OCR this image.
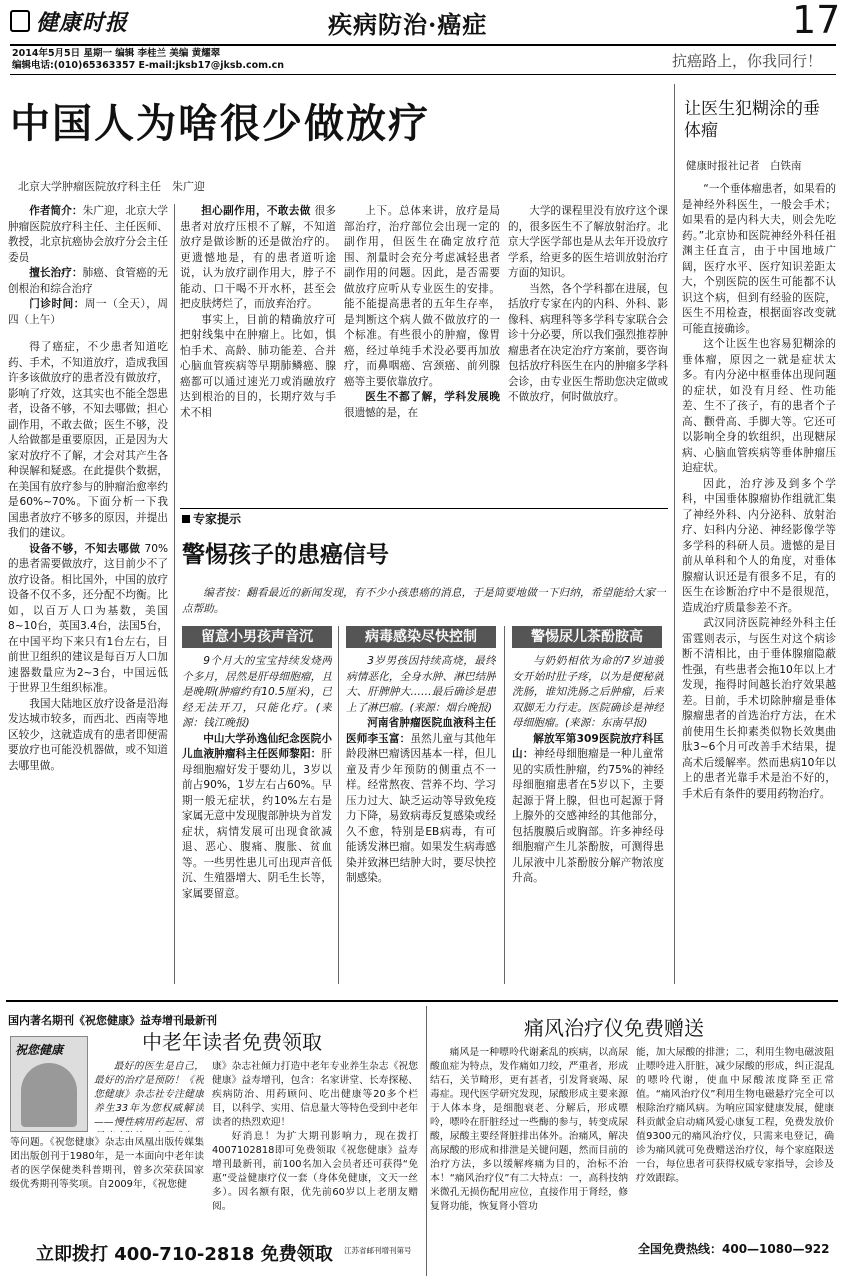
健康时报	疾病防治·癌症	17
2014年5月5日 星期一 编辑 李桂兰 美编 黄耀翠
编辑电话:(010)65363357 E-mail:jksb17@jksb.com.cn	抗癌路上，你我同行！
中国人为啥很少做放疗
北京大学肿瘤医院放疗科主任　朱广迎

作者简介：朱广迎，北京大学肿瘤医院放疗科主任、主任医师、教授，北京抗癌协会放疗分会主任委员

擅长治疗：肺癌、食管癌的无创根治和综合治疗

门诊时间：周一（全天），周四（上午）

得了癌症，不少患者知道吃药、手术，不知道放疗，造成我国许多该做放疗的患者没有做放疗，影响了疗效，这其实也不能全怨患者，设备不够，不知去哪做；担心副作用，不敢去做；医生不够，没人给做都是重要原因，正是因为大家对放疗不了解，才会对其产生各种误解和疑惑。在此提供个数据，在美国有放疗参与的肿瘤治愈率约是60%~70%。下面分析一下我国患者放疗不够多的原因，并提出我们的建议。

设备不够，不知去哪做 70%的患者需要做放疗，这目前少不了放疗设备。相比国外，中国的放疗设备不仅不多，还分配不均衡。比如，以百万人口为基数，美国8~10台，英国3.4台，法国5台，在中国平均下来只有1台左右，目前世卫组织的建议是每百万人口加速器数量应为2~3台，中国远低于世界卫生组织标准。

我国大陆地区放疗设备是沿海发达城市较多，而西北、西南等地区较少，这就造成有的患者即便需要放疗也可能没机器做，或不知道去哪里做。

担心副作用，不敢去做 很多患者对放疗压根不了解，不知道放疗是做诊断的还是做治疗的。更遗憾地是，有的患者道听途说，认为放疗副作用大，脖子不能动、口干喝不开水杯，甚至会把皮肤烤烂了，而放弃治疗。

事实上，目前的精确放疗可把射线集中在肿瘤上。比如，惧怕手术、高龄、肺功能差、合并心脑血管疾病等早期肺鳞癌、腺癌都可以通过速光刀或消融放疗达到根治的目的，长期疗效与手术不相

上下。总体来讲，放疗是局部治疗，治疗部位会出现一定的副作用，但医生在确定放疗范围、剂量时会充分考虑减轻患者副作用的问题。因此，是否需要做放疗应听从专业医生的安排。能不能提高患者的五年生存率，是判断这个病人做不做放疗的一个标准。有些很小的肿瘤，像胃癌，经过单纯手术没必要再加放疗，而鼻咽癌、宫颈癌、前列腺癌等主要依靠放疗。

医生不都了解，学科发展晚 很遗憾的是，在

大学的课程里没有放疗这个课的，很多医生不了解放射治疗。北京大学医学部也是从去年开设放疗学系，给更多的医生培训放射治疗方面的知识。

当然，各个学科都在进展，包括放疗专家在内的内科、外科、影像科、病理科等多学科专家联合会诊十分必要，所以我们强烈推荐肿瘤患者在决定治疗方案前，要咨询包括放疗科医生在内的肿瘤多学科会诊，由专业医生帮助您决定做或不做放疗，何时做放疗。

让医生犯糊涂的垂体瘤
健康时报社记者　白铁南

“一个垂体瘤患者，如果看的是神经外科医生，一般会手术；如果看的是内科大夫，则会先吃药。”北京协和医院神经外科任祖渊主任直言，由于中国地域广阔，医疗水平、医疗知识差距太大，个别医院的医生可能都不认识这个病，但到有经验的医院，医生不用检查，根据面容改变就可能直接确诊。

这个让医生也容易犯糊涂的垂体瘤，原因之一就是症状太多。有内分泌中枢垂体出现问题的症状，如没有月经、性功能差、生不了孩子，有的患者个子高、颧骨高、手脚大等。它还可以影响全身的软组织，出现糖尿病、心脑血管疾病等垂体肿瘤压迫症状。

因此，治疗涉及到多个学科，中国垂体腺瘤协作组就汇集了神经外科、内分泌科、放射治疗、妇科内分泌、神经影像学等多学科的科研人员。遗憾的是目前从单科和个人的角度，对垂体腺瘤认识还是有很多不足，有的医生在诊断治疗中不是很规范，造成治疗质量参差不齐。

武汉同济医院神经外科主任雷霆则表示，与医生对这个病诊断不清相比，由于垂体腺瘤隐蔽性强，有些患者会拖10年以上才发现，拖得时间越长治疗效果越差。目前，手术切除肿瘤是垂体腺瘤患者的首选治疗方法，在术前使用生长抑素类似物长效奥曲肽3~6个月可改善手术结果，提高术后缓解率。然而患病10年以上的患者光靠手术是治不好的，手术后有条件的要用药物治疗。

专家提示
警惕孩子的患癌信号
编者按：翻看最近的新闻发现，有不少小孩患癌的消息，于是简要地做一下归纳，希望能给大家一点帮助。
留意小男孩声音沉	病毒感染尽快控制	警惕尿儿茶酚胺高

9个月大的宝宝持续发烧两个多月，居然是肝母细胞瘤，且是晚期(肿瘤约有10.5厘米)，已经无法开刀，只能化疗。(来源：钱江晚报)

中山大学孙逸仙纪念医院小儿血液肿瘤科主任医师黎阳：肝母细胞瘤好发于婴幼儿，3岁以前占90%，1岁左右占60%。早期一般无症状，约10%左右是家属无意中发现腹部肿块为首发症状，病情发展可出现食欲减退、恶心、腹痛、腹胀、贫血等。一些男性患儿可出现声音低沉、生殖器增大、阴毛生长等，家属要留意。

3岁男孩因持续高烧，最终病情恶化，全身水肿、淋巴结肿大、肝脾肿大……最后确诊是患上了淋巴瘤。(来源：烟台晚报)

河南省肿瘤医院血液科主任医师李玉富：虽然儿童与其他年龄段淋巴瘤诱因基本一样，但儿童及青少年预防的侧重点不一样。经常熬夜、营养不均、学习压力过大、缺乏运动等导致免疫力下降，易致病毒反复感染或经久不愈，特别是EB病毒，有可能诱发淋巴瘤。如果发生病毒感染并致淋巴结肿大时，要尽快控制感染。

与奶奶相依为命的7岁迪骏女开始时肚子疼，以为是便秘就洗肠，谁知洗肠之后肿瘤，后来双脚无力行走。医院确诊是神经母细胞瘤。(来源：东南早报)

解放军第309医院放疗科匡山：神经母细胞瘤是一种儿童常见的实质性肿瘤，约75%的神经母细胞瘤患者在5岁以下，主要起源于肾上腺，但也可起源于肾上腺外的交感神经的其他部分，包括腹膜后或胸部。许多神经母细胞瘤产生儿茶酚胺，可测得患儿尿液中儿茶酚胺分解产物浓度升高。

国内著名期刊《祝您健康》益寿增刊最新刊
中老年读者免费领取
祝您健康
最好的医生是自己，最好的治疗是预防！《祝您健康》杂志社专注健康养生33年为您权威解读——慢性病用药起居、常
等问题。《祝您健康》杂志由凤凰出版传媒集团出版创刊于1980年，是一本面向中老年读者的医学保健类科普期刊，曾多次荣获国家级优秀期刊等奖项。自2009年，《祝您健

康》杂志社倾力打造中老年专业养生杂志《祝您健康》益寿增刊，包含：名家讲堂、长寿探秘、疾病防治、用药顾问、吃出健康等20多个栏目，以科学、实用、信息量大等特色受到中老年读者的热烈欢迎！

好消息！为扩大期刊影响力，现在拨打4007102818即可免费领取《祝您健康》益寿增刊最新刊，前100名加入会员者还可获得“免惠”受益健康疗仪一套（身体免健康，文天一丝多）。因名额有限，优先前60岁以上老朋友赠阅。

立即拨打 400-710-2818 免费领取 江苏省邮刊增刊第号
痛风治疗仪免费赠送
痛风是一种嘌呤代谢紊乱的疾病，以高尿酸血症为特点，发作痛如刀绞，严重者，形成结石，关节畸形，更有甚者，引发肾衰竭、尿毒症。现代医学研究发现，尿酸形成主要来源于人体本身，是细胞衰老、分解后，形成嘌呤，嘌呤在肝脏经过一些酶的参与，转变成尿酸，尿酸主要经肾脏排出体外。治痛风，解决高尿酸的形成和排泄是关键问题，然而目前的治疗方法，多以缓解疼痛为目的，治标不治本！“痛风治疗仪”有二大特点：一，高科技纳米微孔无损伤配用应位，直接作用于肾经，修复肾功能，恢复肾小管功
能，加大尿酸的排泄；二，利用生物电磁波阻止嘌呤进入肝脏，减少尿酸的形成，纠正混乱的嘌呤代谢，使血中尿酸浓度降至正常值。“痛风治疗仪”利用生物电磁悬疗完全可以根除治疗痛风病。为响应国家健康发展，健康科贡献金启动痛风爱心康复工程，免费发放价值9300元的痛风治疗仪，只需来电登记，确诊为痛风就可免费赠送治疗仪，每个家庭限送一台，每位患者可获得权威专家指导，会诊及疗效跟踪。
全国免费热线：400—1080—922
